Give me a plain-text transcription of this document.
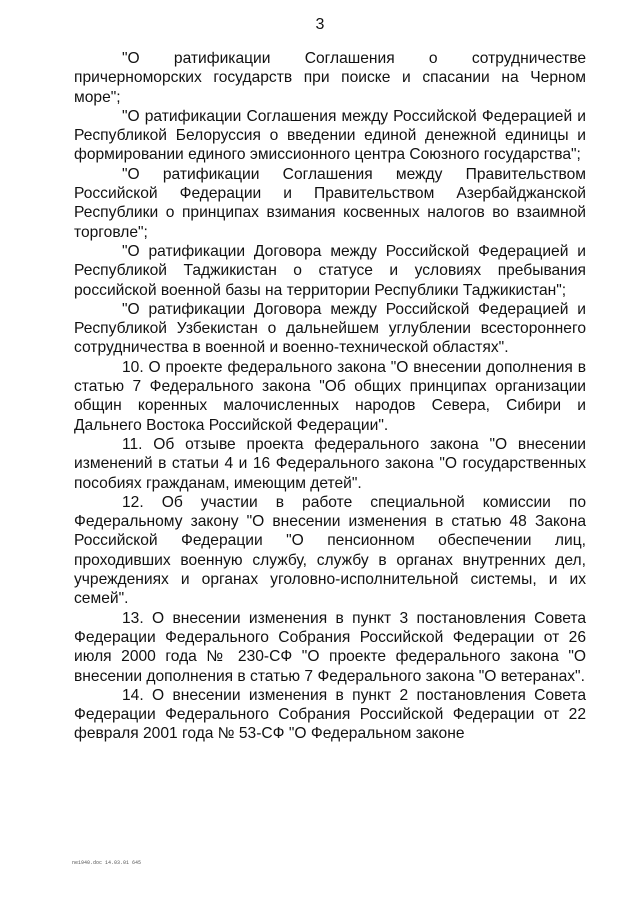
3

"О ратификации Соглашения о сотрудничестве причерноморских государств при поиске и спасании на Черном море";

"О ратификации Соглашения между Российской Федерацией и Республикой Белоруссия о введении единой денежной единицы и формировании единого эмиссионного центра Союзного государства";

"О ратификации Соглашения между Правительством Российской Федерации и Правительством Азербайджанской Республики о принципах взимания косвенных налогов во взаимной торговле";

"О ратификации Договора между Российской Федерацией и Республикой Таджикистан о статусе и условиях пребывания российской военной базы на территории Республики Таджикистан";

"О ратификации Договора между Российской Федерацией и Республикой Узбекистан о дальнейшем углублении всестороннего сотрудничества в военной и военно-технической областях".

10. О проекте федерального закона "О внесении дополнения в статью 7 Федерального закона "Об общих принципах организации общин коренных малочисленных народов Севера, Сибири и Дальнего Востока Российской Федерации".

11. Об отзыве проекта федерального закона "О внесении изменений в статьи 4 и 16 Федерального закона "О государственных пособиях гражданам, имеющим детей".

12. Об участии в работе специальной комиссии по Федеральному закону "О внесении изменения в статью 48 Закона Российской Федерации "О пенсионном обеспечении лиц, проходивших военную службу, службу в органах внутренних дел, учреждениях и органах уголовно-исполнительной системы, и их семей".

13. О внесении изменения в пункт 3 постановления Совета Федерации Федерального Собрания Российской Федерации от 26 июля 2000 года № 230-СФ "О проекте федерального закона "О внесении дополнения в статью 7 Федерального закона "О ветеранах".

14. О внесении изменения в пункт 2 постановления Совета Федерации Федерального Собрания Российской Федерации от 22 февраля 2001 года № 53-СФ "О Федеральном законе

ne1940.doc 14.03.01 645
